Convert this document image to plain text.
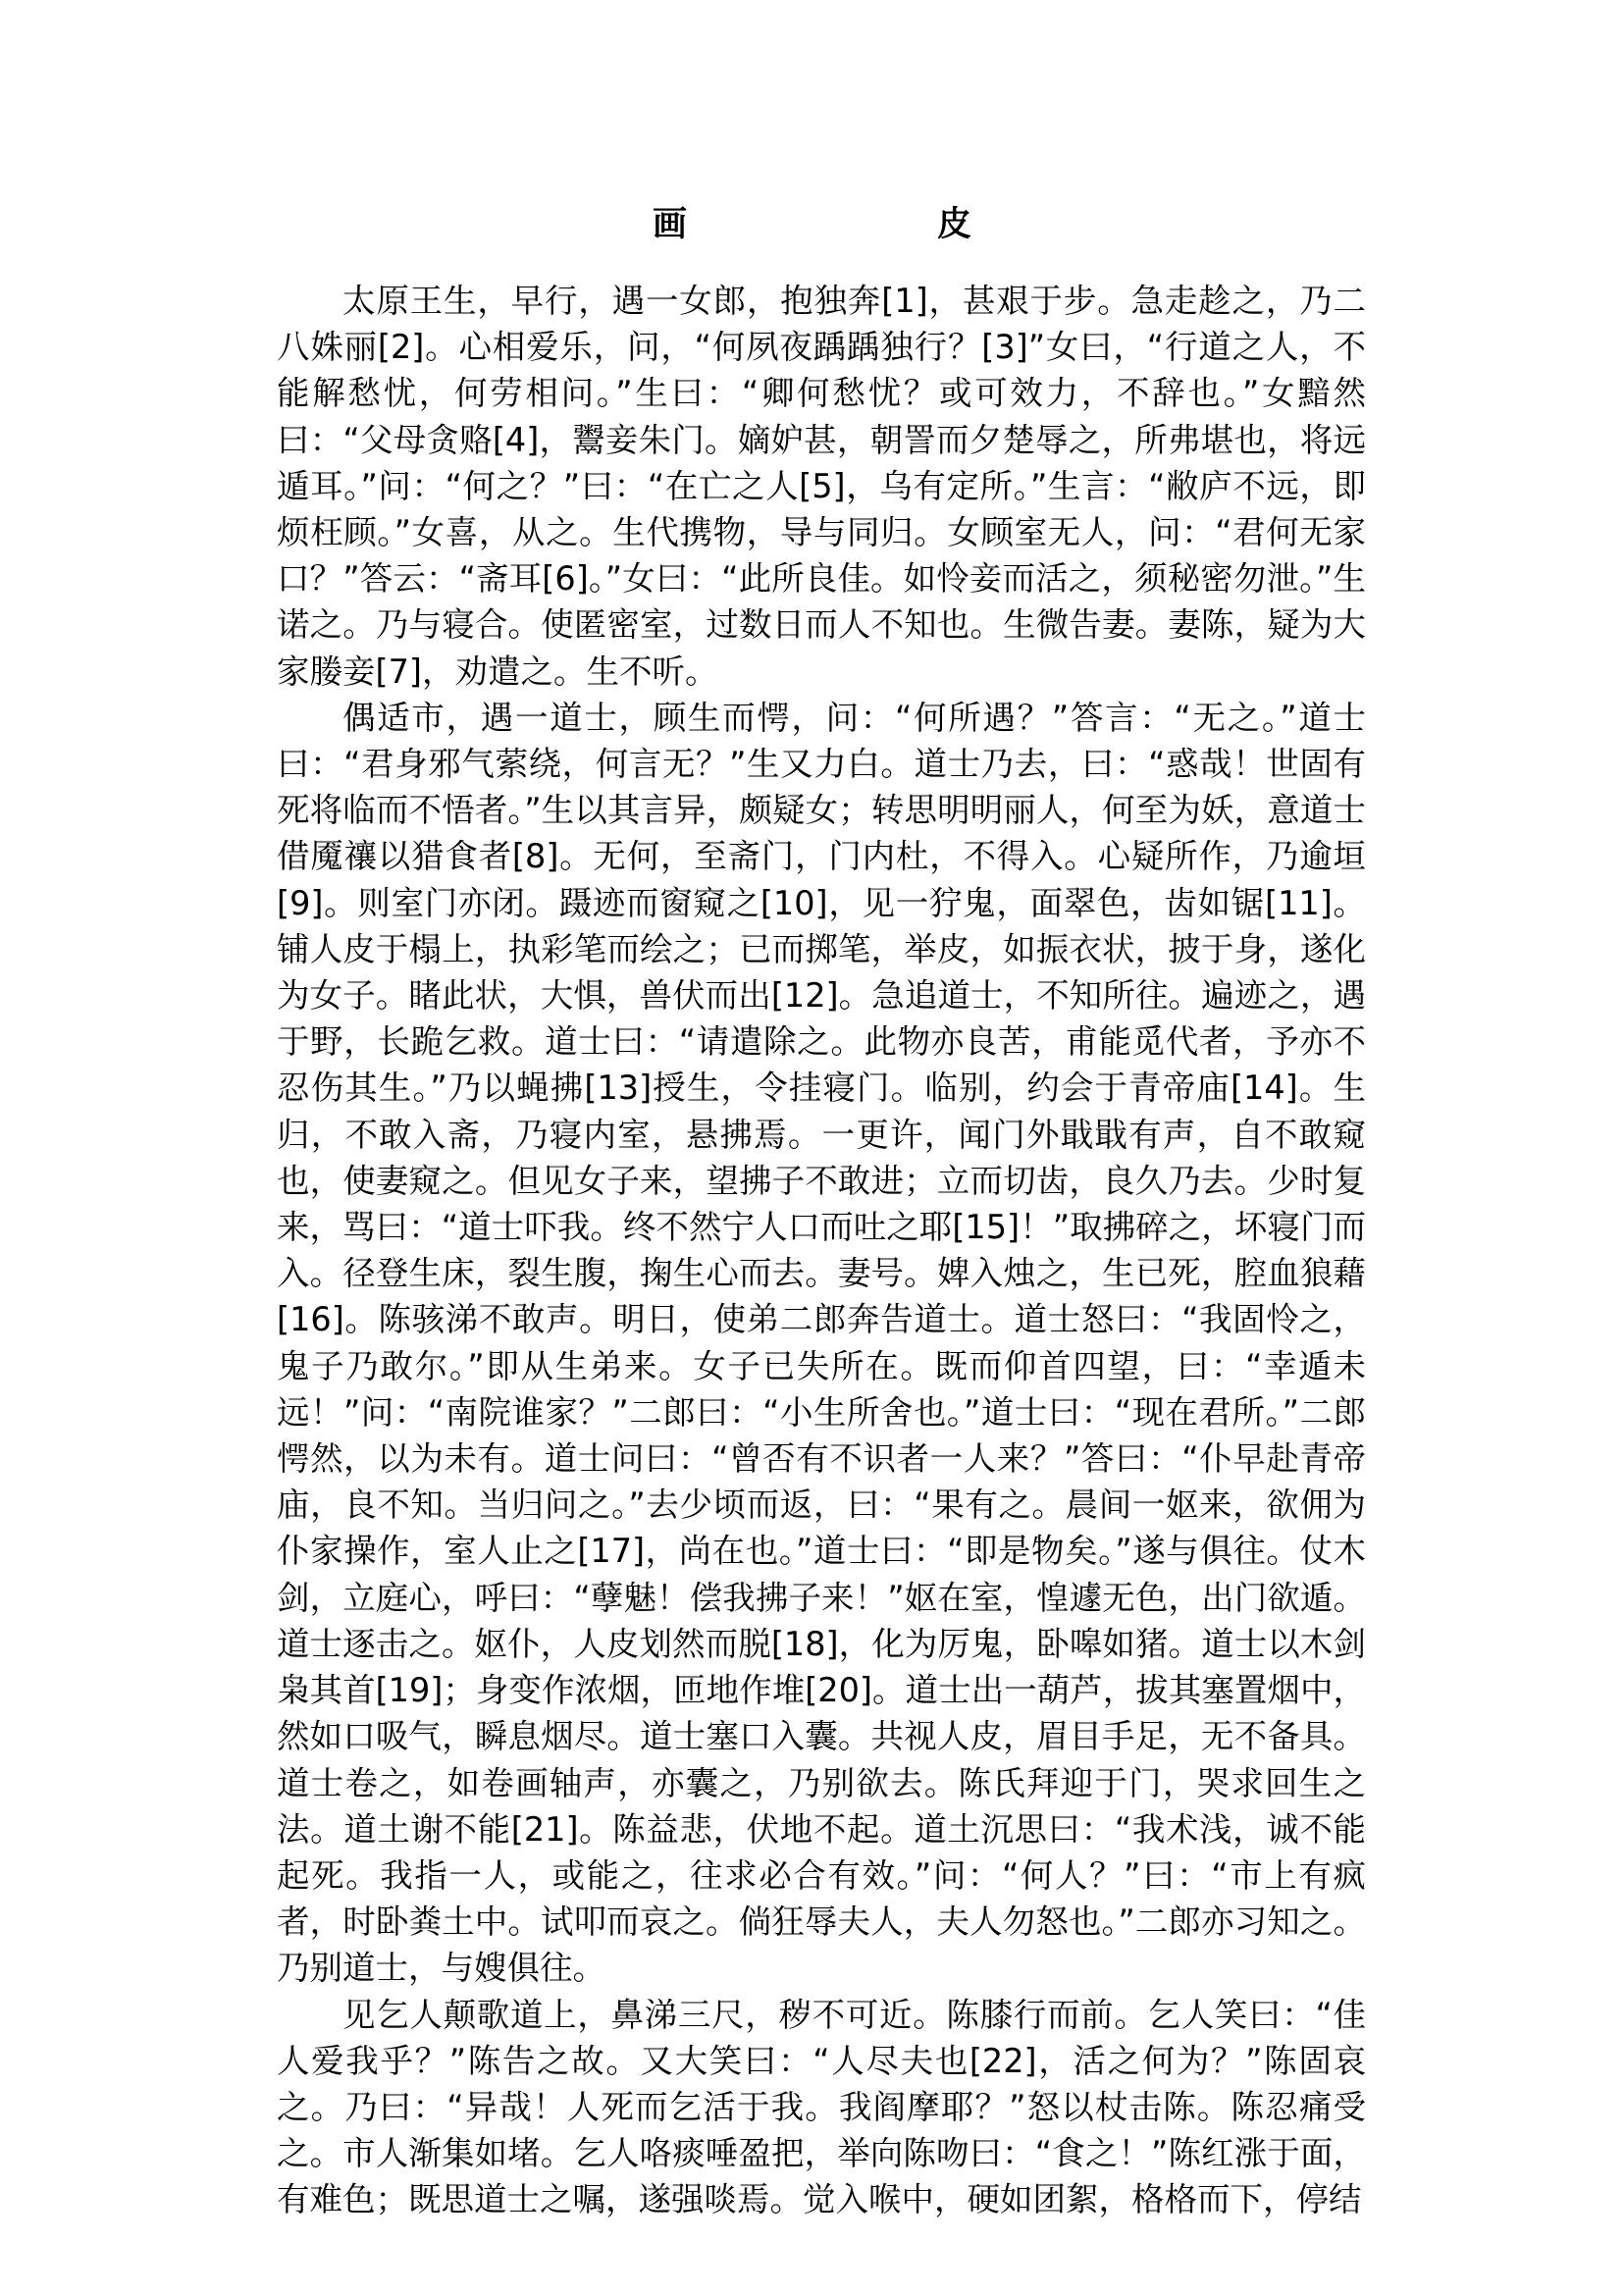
画　皮

太原王生，早行，遇一女郎，抱独奔[1]，甚艰于步。急走趁之，乃二八姝丽[2]。心相爱乐，问，“何夙夜踽踽独行？[3]”女曰，“行道之人，不能解愁忧，何劳相问。”生曰：“卿何愁忧？或可效力，不辞也。”女黯然曰：“父母贪赂[4]，鬻妾朱门。嫡妒甚，朝詈而夕楚辱之，所弗堪也，将远遁耳。”问：“何之？”曰：“在亡之人[5]，乌有定所。”生言：“敝庐不远，即烦枉顾。”女喜，从之。生代携物，导与同归。女顾室无人，问：“君何无家口？”答云：“斋耳[6]。”女曰：“此所良佳。如怜妾而活之，须秘密勿泄。”生诺之。乃与寝合。使匿密室，过数日而人不知也。生微告妻。妻陈，疑为大家媵妾[7]，劝遣之。生不听。

偶适市，遇一道士，顾生而愕，问：“何所遇？”答言：“无之。”道士曰：“君身邪气萦绕，何言无？”生又力白。道士乃去，曰：“惑哉！世固有死将临而不悟者。”生以其言异，颇疑女；转思明明丽人，何至为妖，意道士借魇禳以猎食者[8]。无何，至斋门，门内杜，不得入。心疑所作，乃逾垣[9]。则室门亦闭。蹑迹而窗窥之[10]，见一狞鬼，面翠色，齿如锯[11]。铺人皮于榻上，执彩笔而绘之；已而掷笔，举皮，如振衣状，披于身，遂化为女子。睹此状，大惧，兽伏而出[12]。急追道士，不知所往。遍迹之，遇于野，长跪乞救。道士曰：“请遣除之。此物亦良苦，甫能觅代者，予亦不忍伤其生。”乃以蝇拂[13]授生，令挂寝门。临别，约会于青帝庙[14]。生归，不敢入斋，乃寝内室，悬拂焉。一更许，闻门外戢戢有声，自不敢窥也，使妻窥之。但见女子来，望拂子不敢进；立而切齿，良久乃去。少时复来，骂曰：“道士吓我。终不然宁人口而吐之耶[15]！”取拂碎之，坏寝门而入。径登生床，裂生腹，掬生心而去。妻号。婢入烛之，生已死，腔血狼藉[16]。陈骇涕不敢声。明日，使弟二郎奔告道士。道士怒曰：“我固怜之，鬼子乃敢尔。”即从生弟来。女子已失所在。既而仰首四望，曰：“幸遁未远！”问：“南院谁家？”二郎曰：“小生所舍也。”道士曰：“现在君所。”二郎愕然，以为未有。道士问曰：“曾否有不识者一人来？”答曰：“仆早赴青帝庙，良不知。当归问之。”去少顷而返，曰：“果有之。晨间一妪来，欲佣为仆家操作，室人止之[17]，尚在也。”道士曰：“即是物矣。”遂与俱往。仗木剑，立庭心，呼曰：“孽魅！偿我拂子来！”妪在室，惶遽无色，出门欲遁。道士逐击之。妪仆，人皮划然而脱[18]，化为厉鬼，卧嗥如猪。道士以木剑枭其首[19]；身变作浓烟，匝地作堆[20]。道士出一葫芦，拔其塞置烟中，然如口吸气，瞬息烟尽。道士塞口入囊。共视人皮，眉目手足，无不备具。道士卷之，如卷画轴声，亦囊之，乃别欲去。陈氏拜迎于门，哭求回生之法。道土谢不能[21]。陈益悲，伏地不起。道土沉思曰：“我术浅，诚不能起死。我指一人，或能之，往求必合有效。”问：“何人？”曰：“市上有疯者，时卧粪土中。试叩而哀之。倘狂辱夫人，夫人勿怒也。”二郎亦习知之。乃别道士，与嫂俱往。

见乞人颠歌道上，鼻涕三尺，秽不可近。陈膝行而前。乞人笑曰：“佳人爱我乎？”陈告之故。又大笑曰：“人尽夫也[22]，活之何为？”陈固哀之。乃曰：“异哉！人死而乞活于我。我阎摩耶？”怒以杖击陈。陈忍痛受之。市人渐集如堵。乞人咯痰唾盈把，举向陈吻曰：“食之！”陈红涨于面，有难色；既思道士之嘱，遂强啖焉。觉入喉中，硬如团絮，格格而下，停结
